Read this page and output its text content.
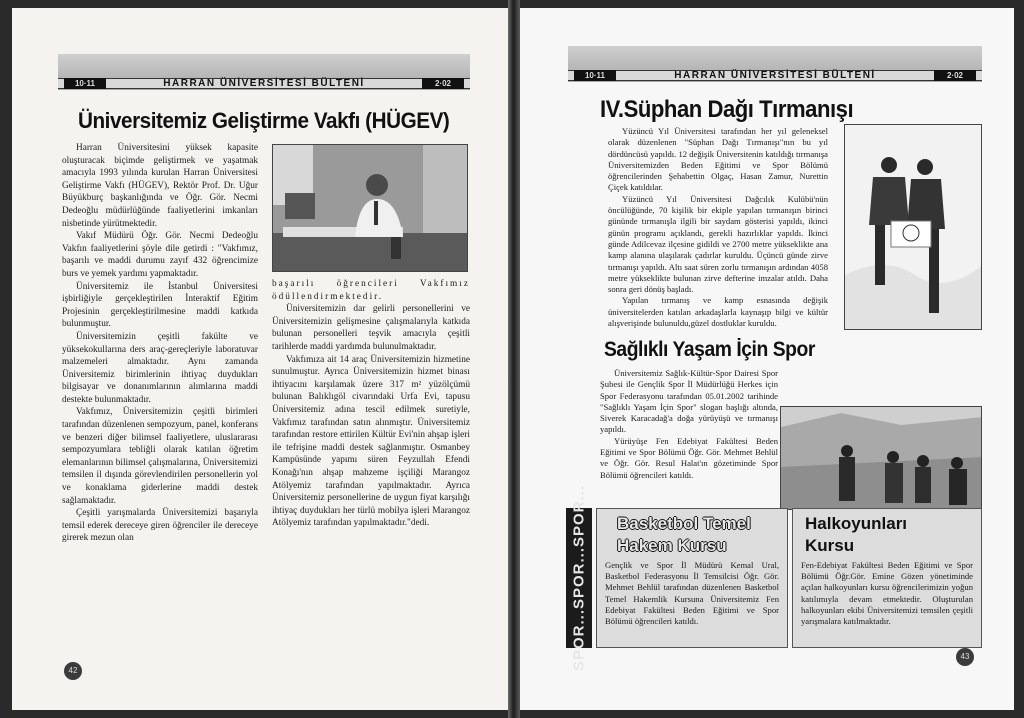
10·11	HARRAN ÜNİVERSİTESİ BÜLTENİ	2·02
Üniversitemiz Geliştirme Vakfı (HÜGEV)

Harran Üniversitesini yüksek kapasite oluşturacak biçimde geliştirmek ve yaşatmak amacıyla 1993 yılında kurulan Harran Üniversitesi Geliştirme Vakfı (HÜGEV), Rektör Prof. Dr. Uğur Büyükburç başkanlığında ve Öğr. Gör. Necmi Dedeoğlu müdürlüğünde faaliyetlerini imkanları nisbetinde yürütmektedir.

Vakıf Müdürü Öğr. Gör. Necmi Dedeoğlu Vakfın faaliyetlerini şöyle dile getirdi : "Vakfımız, başarılı ve maddi durumu zayıf 432 öğrencimize burs ve yemek yardımı yapmaktadır.

Üniversitemiz ile İstanbul Üniversitesi işbirliğiyle gerçekleştirilen İnteraktif Eğitim Projesinin gerçekleştirilmesine maddi katkıda bulunmuştur.

Üniversitemizin çeşitli fakülte ve yüksekokullarına ders araç-gereçleriyle laboratuvar malzemeleri almaktadır. Aynı zamanda Üniversitemiz birimlerinin ihtiyaç duydukları bilgisayar ve donanımlarının alımlarına maddi destekte bulunmaktadır.

Vakfımız, Üniversitemizin çeşitli birimleri tarafından düzenlenen sempozyum, panel, konferans ve benzeri diğer bilimsel faaliyetlere, uluslararası sempozyumlara tebliğli olarak katılan öğretim elemanlarının bilimsel çalışmalarına, Üniversitemizi temsilen il dışında görevlendirilen personellerin yol ve konaklama giderlerine maddi destek sağlamaktadır.

Çeşitli yarışmalarda Üniversitemizi başarıyla temsil ederek dereceye giren öğrenciler ile dereceye girerek mezun olan

başarılı öğrencileri Vakfımız ödüllendirmektedir.

Üniversitemizin dar gelirli personellerini ve Üniversitemizin gelişmesine çalışmalarıyla katkıda bulunan personelleri teşvik amacıyla çeşitli tarihlerde maddi yardımda bulunulmaktadır.

Vakfımıza ait 14 araç Üniversitemizin hizmetine sunulmuştur. Ayrıca Üniversitemizin hizmet binası ihtiyacını karşılamak üzere 317 m² yüzölçümü bulunan Balıklıgöl civarındaki Urfa Evi, tapusu Üniversitemiz adına tescil edilmek suretiyle, Vakfımız tarafından satın alınmıştır. Üniversitemiz tarafından restore ettirilen Kültür Evi'nin ahşap işleri ile tefrişine maddi destek sağlanmıştır. Osmanbey Kampüsünde yapımı süren Feyzullah Efendi Konağı'nın ahşap mahzeme işçiliği Marangoz Atölyemiz tarafından yapılmaktadır. Ayrıca Üniversitemiz personellerine de uygun fiyat karşılığı ihtiyaç duydukları her türlü mobilya işleri Marangoz Atölyemiz tarafından yapılmaktadır."dedi.

42
10·11	HARRAN ÜNİVERSİTESİ BÜLTENİ	2·02
IV.Süphan Dağı Tırmanışı

Yüzüncü Yıl Üniversitesi tarafından her yıl geleneksel olarak düzenlenen "Süphan Dağı Tırmanışı"nın bu yıl dördüncüsü yapıldı. 12 değişik Üniversitenin katıldığı tırmanışa Üniversitemizden Beden Eğitimi ve Spor Bölümü öğrencilerinden Şehabettin Olgaç, Hasan Zamur, Nurettin Çiçek katıldılar.

Yüzüncü Yıl Üniversitesi Dağcılık Kulübü'nün öncülüğünde, 70 kişilik bir ekiple yapılan tırmanışın birinci gününde tırmanışla ilgili bir saydam gösterisi yapıldı, ikinci günün programı açıklandı, gerekli hazırlıklar yapıldı. İkinci günde Adilcevaz ilçesine gidildi ve 2700 metre yükseklikte ana kamp alanına ulaşılarak çadırlar kuruldu. Üçüncü günde zirve tırmanışı yapıldı. Altı saat süren zorlu tırmanışın ardından 4058 metre yükseklikte bulunan zirve defterine imzalar atıldı. Daha sonra geri dönüş başladı.

Yapılan tırmanış ve kamp esnasında değişik üniversitelerden katılan arkadaşlarla kaynaşıp bilgi ve kültür alışverişinde bulunuldu,güzel dostluklar kuruldu.

Sağlıklı Yaşam İçin Spor

Üniversitemiz Sağlık-Kültür-Spor Dairesi Spor Şubesi ile Gençlik Spor İl Müdürlüğü Herkes için Spor Federasyonu tarafından 05.01.2002 tarihinde "Sağlıklı Yaşam İçin Spor" slogan başlığı altında, Siverek Karacadağ'a doğa yürüyüşü ve tırmanışı yapıldı.

Yürüyüşe Fen Edebiyat Fakültesi Beden Eğitimi ve Spor Bölümü Öğr. Gör. Mehmet Behlül ve Öğr. Gör. Resul Halat'ın gözetiminde Spor Bölümü öğrencileri katıldı.

SPOR...SPOR...SPOR...	Basketbol Temel
Hakem Kursu
Gençlik ve Spor İl Müdürü Kemal Ural, Basketbol Federasyonu İl Temsilcisi Öğr. Gör. Mehmet Behlül tarafından düzenlenen Basketbol Temel Hakemlik Kursuna Üniversitemiz Fen Edebiyat Fakültesi Beden Eğitimi ve Spor Bölümü öğrencileri katıldı.
Halkoyunları
Kursu
Fen-Edebiyat Fakültesi Beden Eğitimi ve Spor Bölümü Öğr.Gör. Emine Gözen yönetiminde açılan halkoyunları kursu öğrencilerimizin yoğun katılımıyla devam etmektedir. Oluşturulan halkoyunları ekibi Üniversitemizi temsilen çeşitli yarışmalara katılmaktadır.
43
